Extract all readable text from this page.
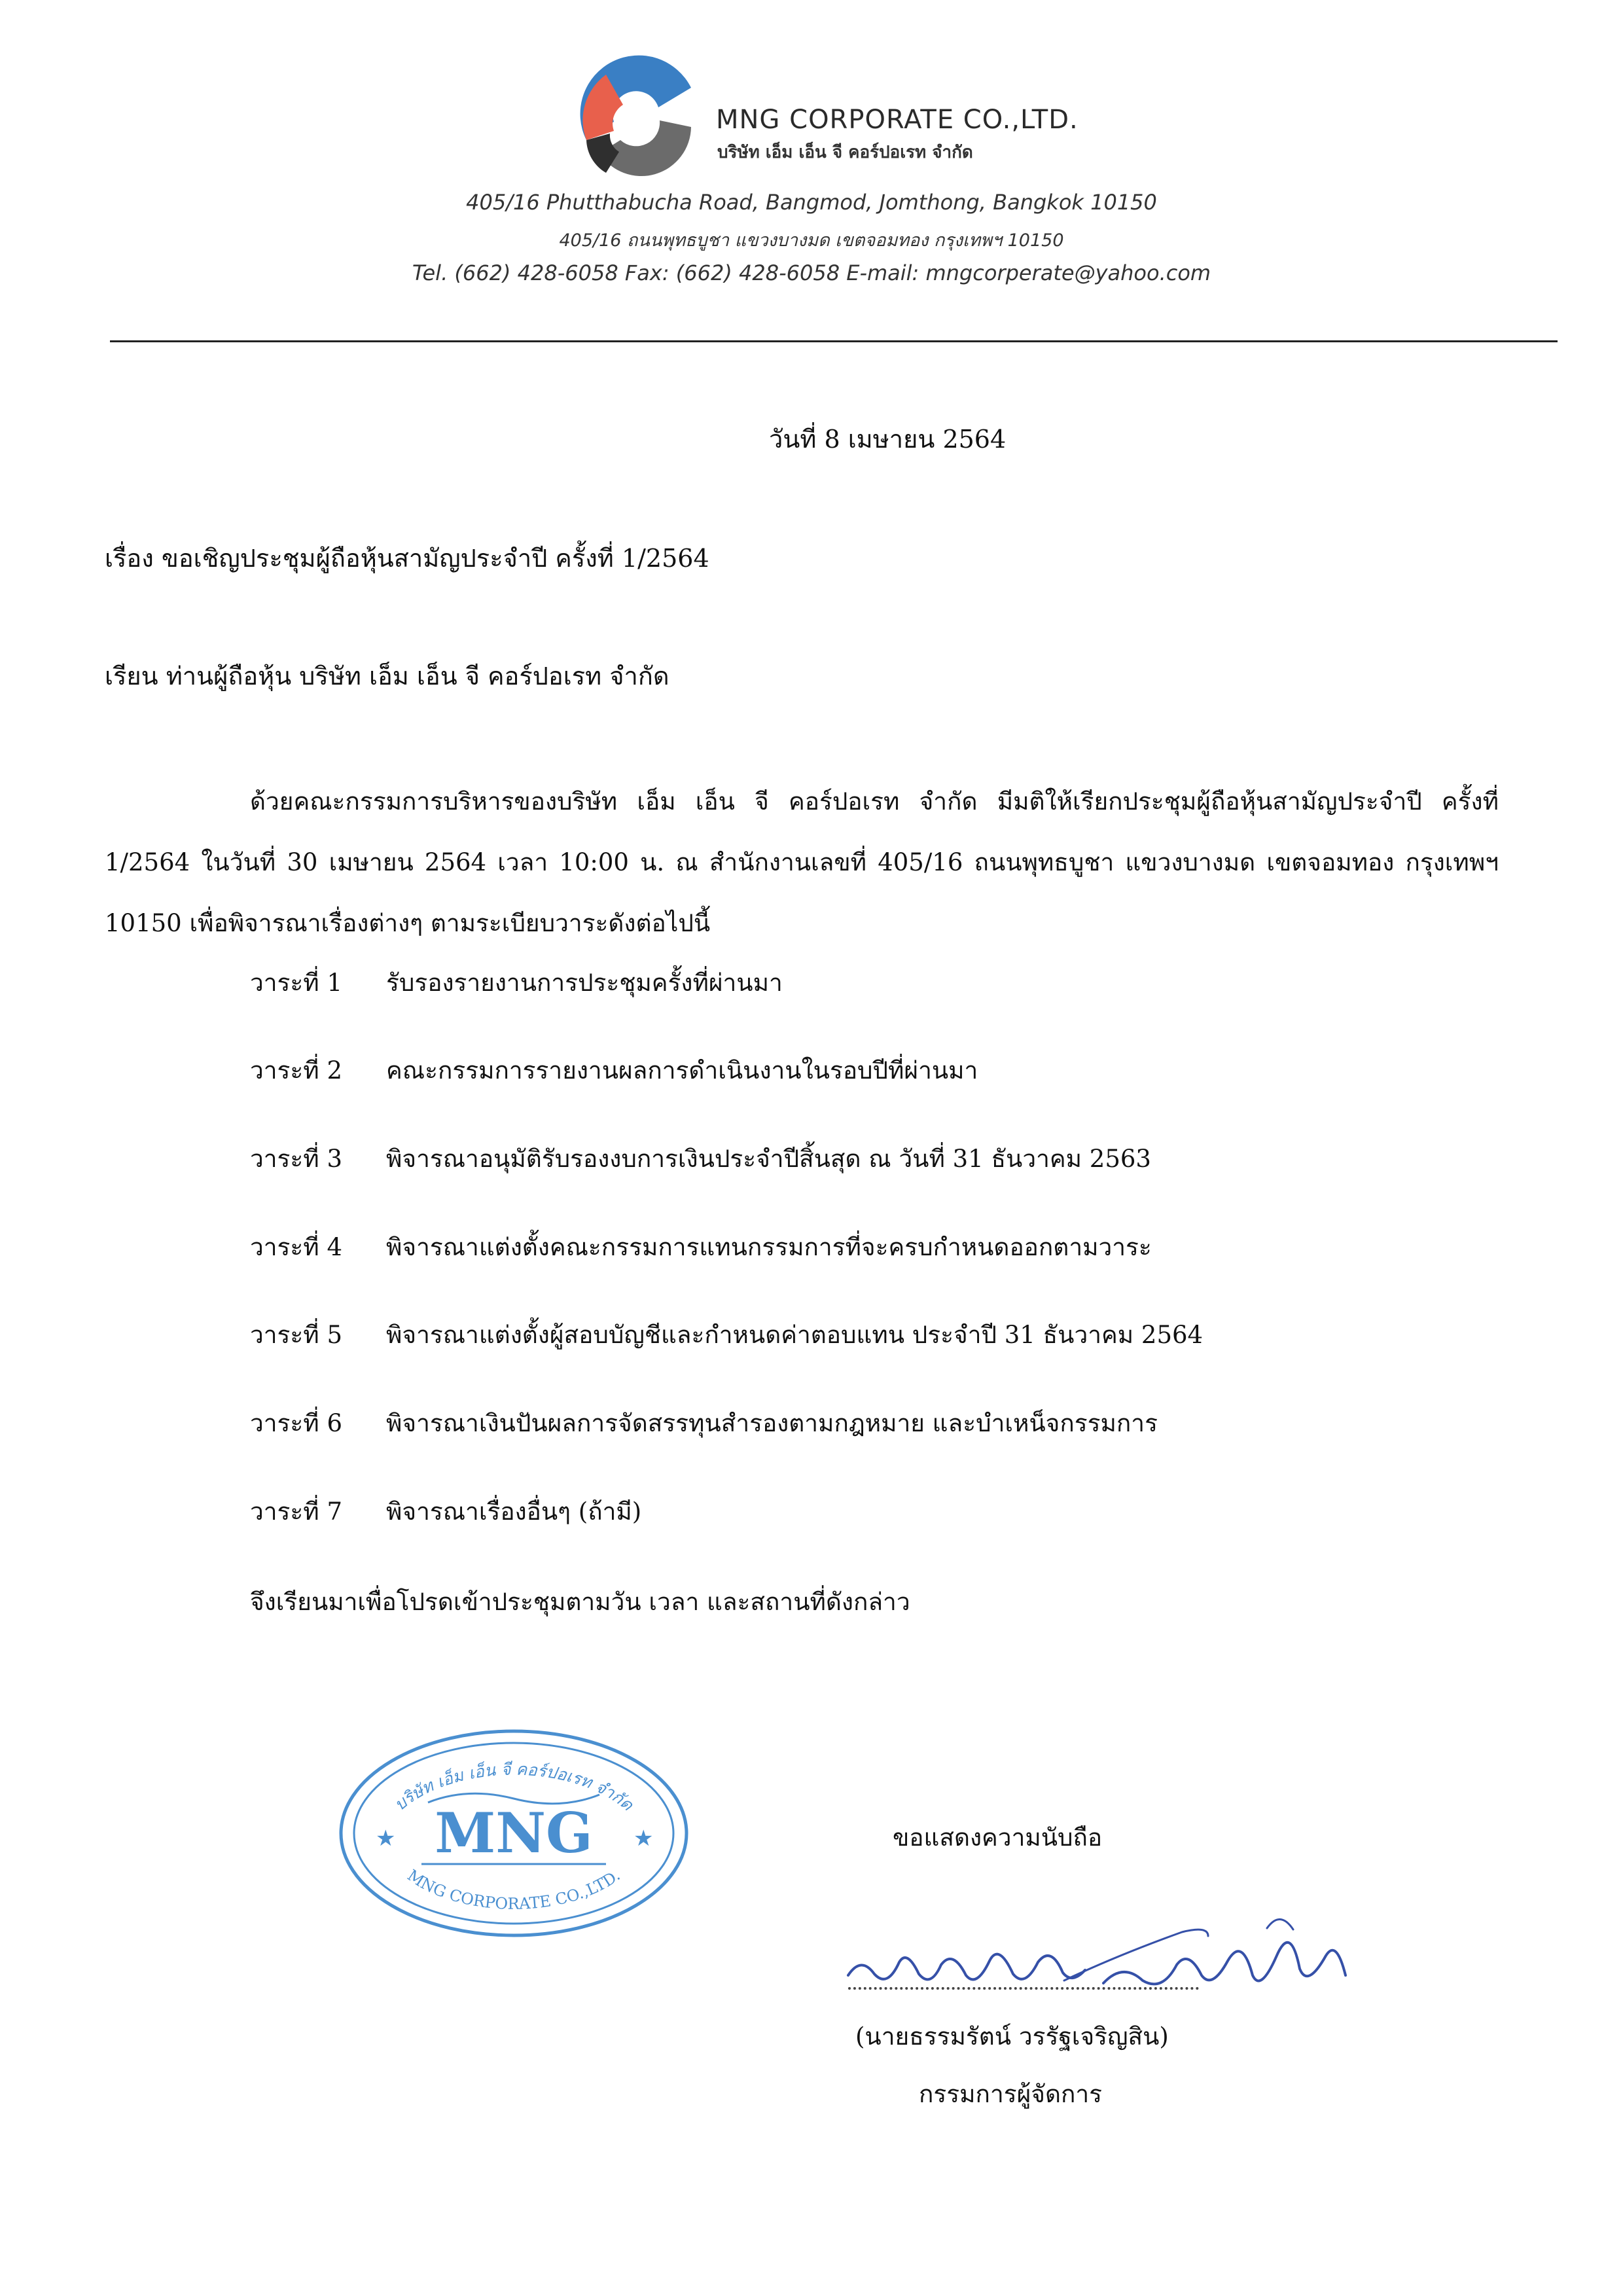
MNG CORPORATE CO.,LTD.
บริษัท เอ็ม เอ็น จี คอร์ปอเรท จำกัด
405/16 Phutthabucha Road, Bangmod, Jomthong, Bangkok 10150
405/16 ถนนพุทธบูชา แขวงบางมด เขตจอมทอง กรุงเทพฯ 10150
Tel. (662) 428-6058 Fax: (662) 428-6058 E-mail: mngcorperate@yahoo.com
วันที่ 8 เมษายน 2564
เรื่อง ขอเชิญประชุมผู้ถือหุ้นสามัญประจำปี ครั้งที่ 1/2564
เรียน ท่านผู้ถือหุ้น บริษัท เอ็ม เอ็น จี คอร์ปอเรท จำกัด
ด้วยคณะกรรมการบริหารของบริษัท เอ็ม เอ็น จี คอร์ปอเรท จำกัด มีมติให้เรียกประชุมผู้ถือหุ้นสามัญประจำปี ครั้งที่ 1/2564 ในวันที่ 30 เมษายน 2564 เวลา 10:00 น. ณ สำนักงานเลขที่ 405/16 ถนนพุทธบูชา แขวงบางมด เขตจอมทอง กรุงเทพฯ 10150 เพื่อพิจารณาเรื่องต่างๆ ตามระเบียบวาระดังต่อไปนี้
วาระที่ 1 รับรองรายงานการประชุมครั้งที่ผ่านมา
วาระที่ 2 คณะกรรมการรายงานผลการดำเนินงานในรอบปีที่ผ่านมา
วาระที่ 3 พิจารณาอนุมัติรับรองงบการเงินประจำปีสิ้นสุด ณ วันที่ 31 ธันวาคม 2563
วาระที่ 4 พิจารณาแต่งตั้งคณะกรรมการแทนกรรมการที่จะครบกำหนดออกตามวาระ
วาระที่ 5 พิจารณาแต่งตั้งผู้สอบบัญชีและกำหนดค่าตอบแทน ประจำปี 31 ธันวาคม 2564
วาระที่ 6 พิจารณาเงินปันผลการจัดสรรทุนสำรองตามกฎหมาย และบำเหน็จกรรมการ
วาระที่ 7 พิจารณาเรื่องอื่นๆ (ถ้ามี)
จึงเรียนมาเพื่อโปรดเข้าประชุมตามวัน เวลา และสถานที่ดังกล่าว
บริษัท เอ็ม เอ็น จี คอร์ปอเรท จำกัด
★	★
MNG
MNG CORPORATE CO.,LTD.
ขอแสดงความนับถือ
(นายธรรมรัตน์ วรรัฐเจริญสิน)
กรรมการผู้จัดการ
